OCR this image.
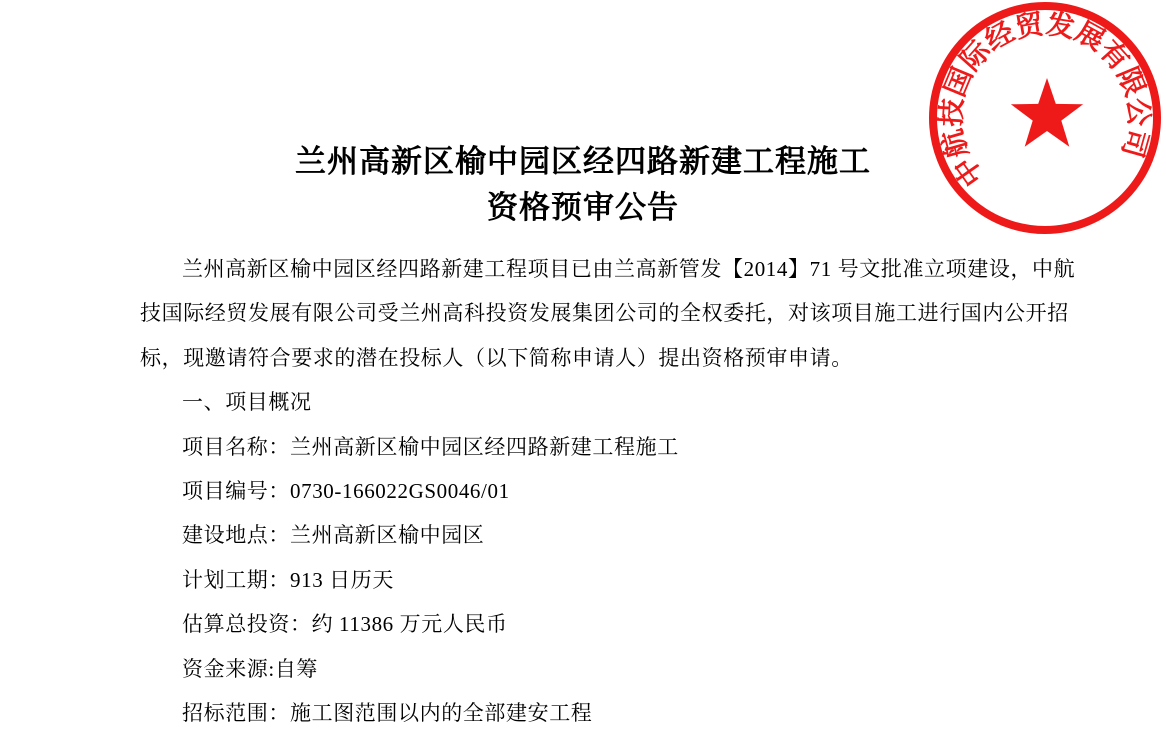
兰州高新区榆中园区经四路新建工程施工
资格预审公告

兰州高新区榆中园区经四路新建工程项目已由兰高新管发【2014】71 号文批准立项建设，中航

技国际经贸发展有限公司受兰州高科投资发展集团公司的全权委托，对该项目施工进行国内公开招

标，现邀请符合要求的潜在投标人（以下简称申请人）提出资格预审申请。

一、项目概况

项目名称：兰州高新区榆中园区经四路新建工程施工

项目编号：0730-166022GS0046/01

建设地点：兰州高新区榆中园区

计划工期：913 日历天

估算总投资：约 11386 万元人民币

资金来源:自筹

招标范围：施工图范围以内的全部建安工程

中航技国际经贸发展有限公司
